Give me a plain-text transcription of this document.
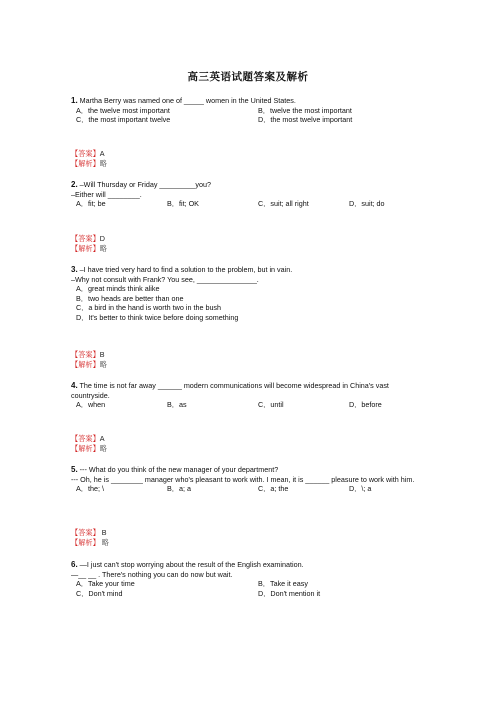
高三英语试题答案及解析

1. Martha Berry was named one of _____ women in the United States.

A．the twelve most important	B．twelve the most important
C．the most important twelve	D．the most twelve important
【答案】A
【解析】略

2. –Will Thursday or Friday _________you?

–Either will ________.

A．fit; be	B．fit; OK	C．suit; all right	D．suit; do
【答案】D
【解析】略

3. –I have tried very hard to find a solution to the problem, but in vain.

–Why not consult with Frank? You see, _______________.

A．great minds think alike
B．two heads are better than one
C．a bird in the hand is worth two in the bush
D．It's better to think twice before doing something
【答案】B
【解析】略

4. The time is not far away ______ modern communications will become widespread in China's vast countryside.

A．when	B．as	C．until	D．before
【答案】A
【解析】略

5. --- What do you think of the new manager of your department?

--- Oh, he is ________ manager who's pleasant to work with. I mean, it is ______ pleasure to work with him.

A．the; \	B．a; a	C．a; the	D．\; a
【答案】 B
【解析】 略

6. —I just can't stop worrying about the result of the English examination.

—__ __ . There's nothing you can do now but wait.

A．Take your time	B．Take it easy
C．Don't mind	D．Don't mention it
